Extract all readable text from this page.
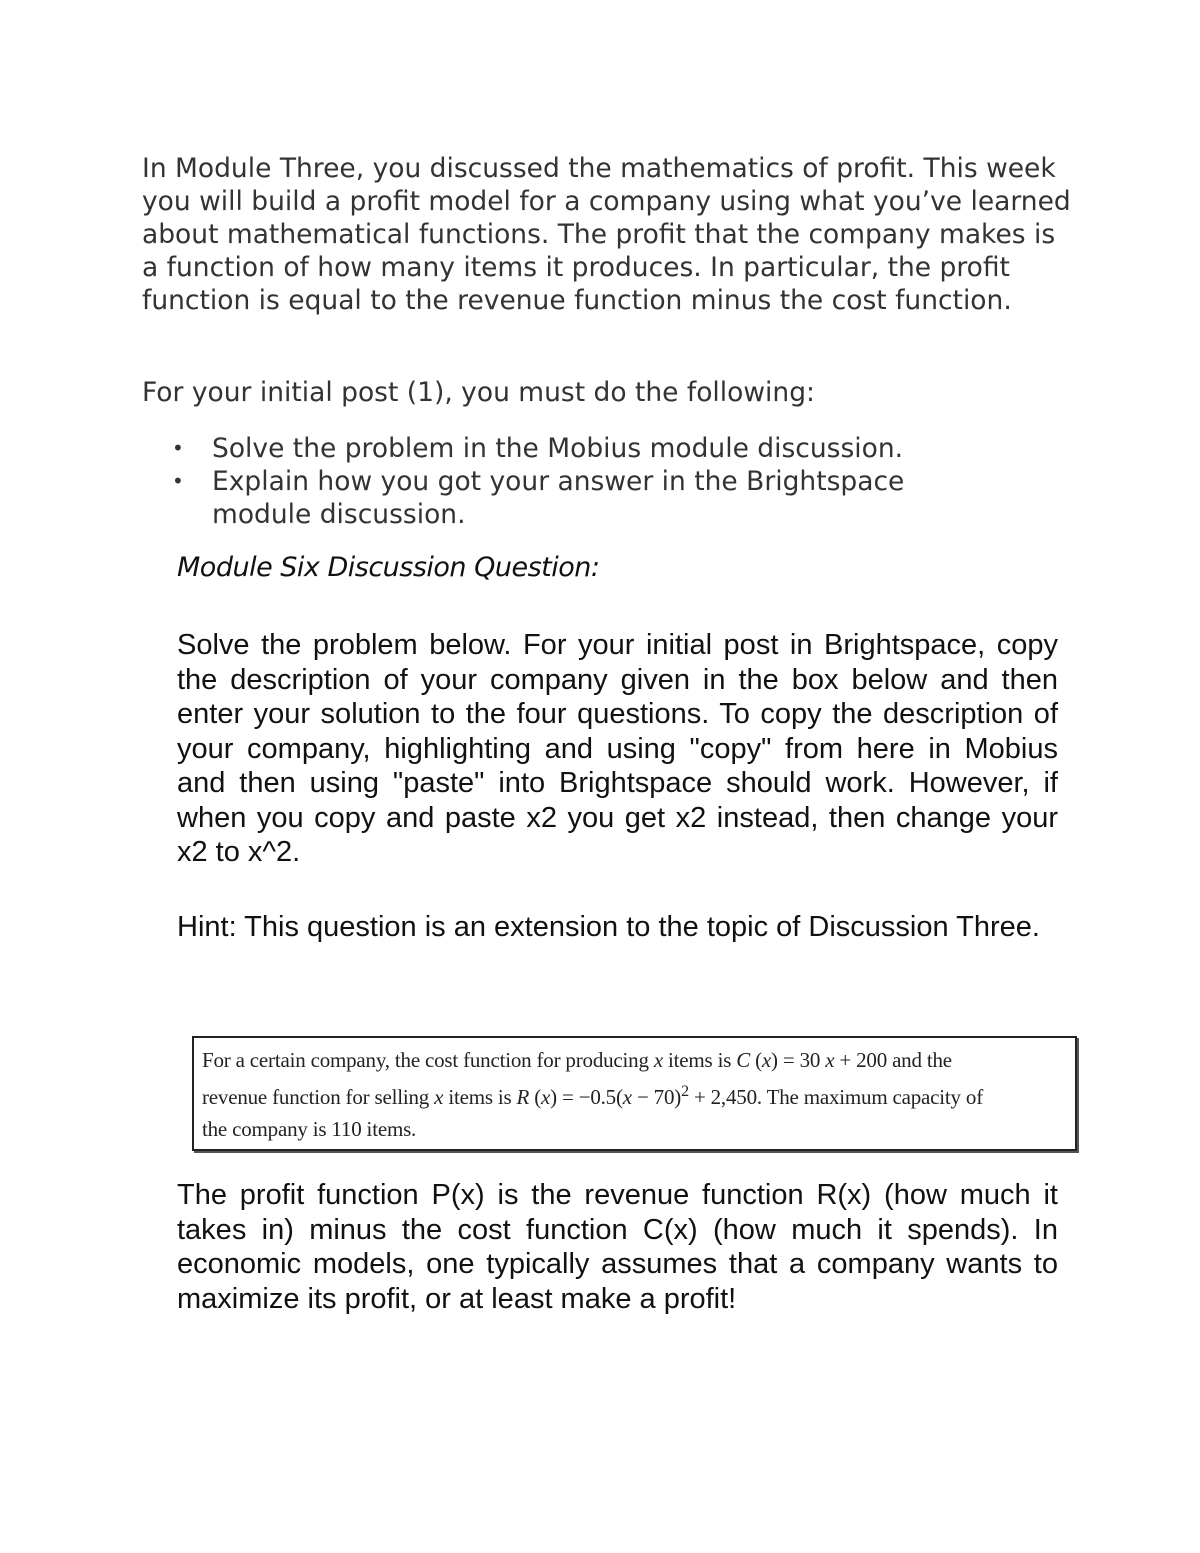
In Module Three, you discussed the mathematics of profit. This week you will build a profit model for a company using what you’ve learned about mathematical functions. The profit that the company makes is a function of how many items it produces. In particular, the profit function is equal to the revenue function minus the cost function.

For your initial post (1), you must do the following:
• Solve the problem in the Mobius module discussion.
• Explain how you got your answer in the Brightspace module discussion.
Module Six Discussion Question:
Solve the problem below. For your initial post in Brightspace, copy the description of your company given in the box below and then enter your solution to the four questions. To copy the description of your company, highlighting and using "copy" from here in Mobius and then using "paste" into Brightspace should work. However, if when you copy and paste x2 you get x2 instead, then change your x2 to x^2.
Hint: This question is an extension to the topic of Discussion Three.

For a certain company, the cost function for producing x items is C (x) = 30 x + 200 and the

revenue function for selling x items is R $(x) = -0.5(x - 70)^2 + 2,450$. The maximum capacity of

the company is 110 items.

The profit function P(x) is the revenue function R(x) (how much it takes in) minus the cost function C(x) (how much it spends). In economic models, one typically assumes that a company wants to maximize its profit, or at least make a profit!
